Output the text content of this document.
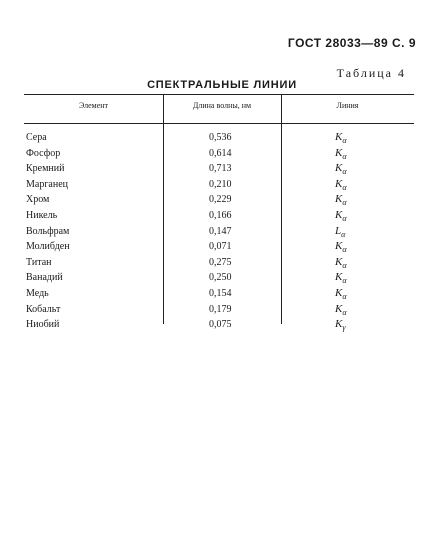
ГОСТ 28033—89 С. 9
Таблица 4
СПЕКТРАЛЬНЫЕ ЛИНИИ
Элемент	Длина волны, нм	Линия
Сера	0,536	$K_\alpha$
Фосфор	0,614	$K_\alpha$
Кремний	0,713	$K_\alpha$
Марганец	0,210	$K_\alpha$
Хром	0,229	$K_\alpha$
Никель	0,166	$K_\alpha$
Вольфрам	0,147	$L_\alpha$
Молибден	0,071	$K_\alpha$
Титан	0,275	$K_\alpha$
Ванадий	0,250	$K_\alpha$
Медь	0,154	$K_\alpha$
Кобальт	0,179	$K_\alpha$
Ниобий	0,075	$K_\gamma$
